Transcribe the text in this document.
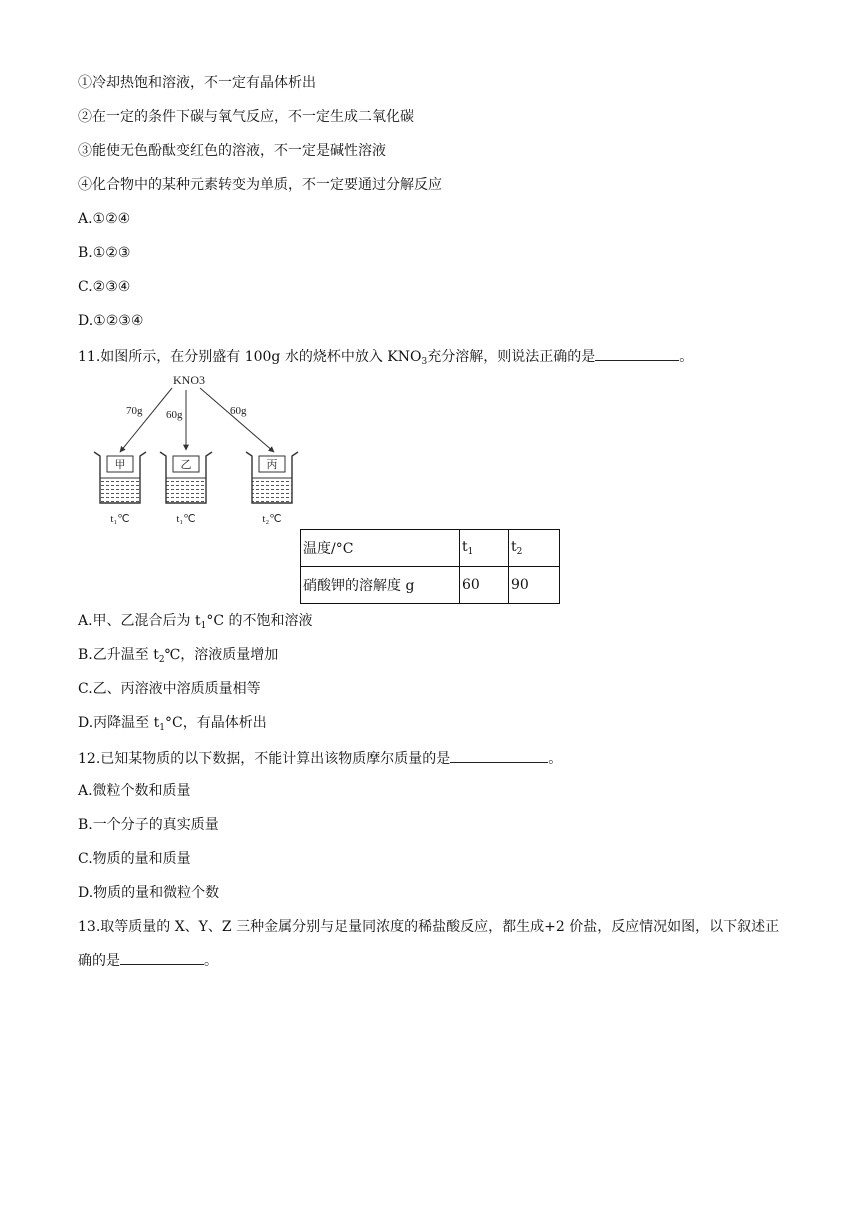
①冷却热饱和溶液，不一定有晶体析出
②在一定的条件下碳与氧气反应，不一定生成二氧化碳
③能使无色酚酞变红色的溶液，不一定是碱性溶液
④化合物中的某种元素转变为单质，不一定要通过分解反应
A.①②④
B.①②③
C.②③④
D.①②③④
11.如图所示，在分别盛有 100g 水的烧杯中放入 $KNO_3$充分溶解，则说法正确的是	。
KNO3
70g 60g	60g
甲
t₁℃
乙
t₁℃
丙
t₂℃
温度/°C	$t_1$	$t_2$
硝酸钾的溶解度 g	60	90
A.甲、乙混合后为 $t_1^\circ C$ 的不饱和溶液
B.乙升温至 $t_2℃$，溶液质量增加
C.乙、丙溶液中溶质质量相等
D.丙降温至 $t_1^\circ C$，有晶体析出
12.已知某物质的以下数据，不能计算出该物质摩尔质量的是	。
A.微粒个数和质量
B.一个分子的真实质量
C.物质的量和质量
D.物质的量和微粒个数
13.取等质量的 X、Y、Z 三种金属分别与足量同浓度的稀盐酸反应，都生成+2 价盐，反应情况如图，以下叙述正确的是	。
